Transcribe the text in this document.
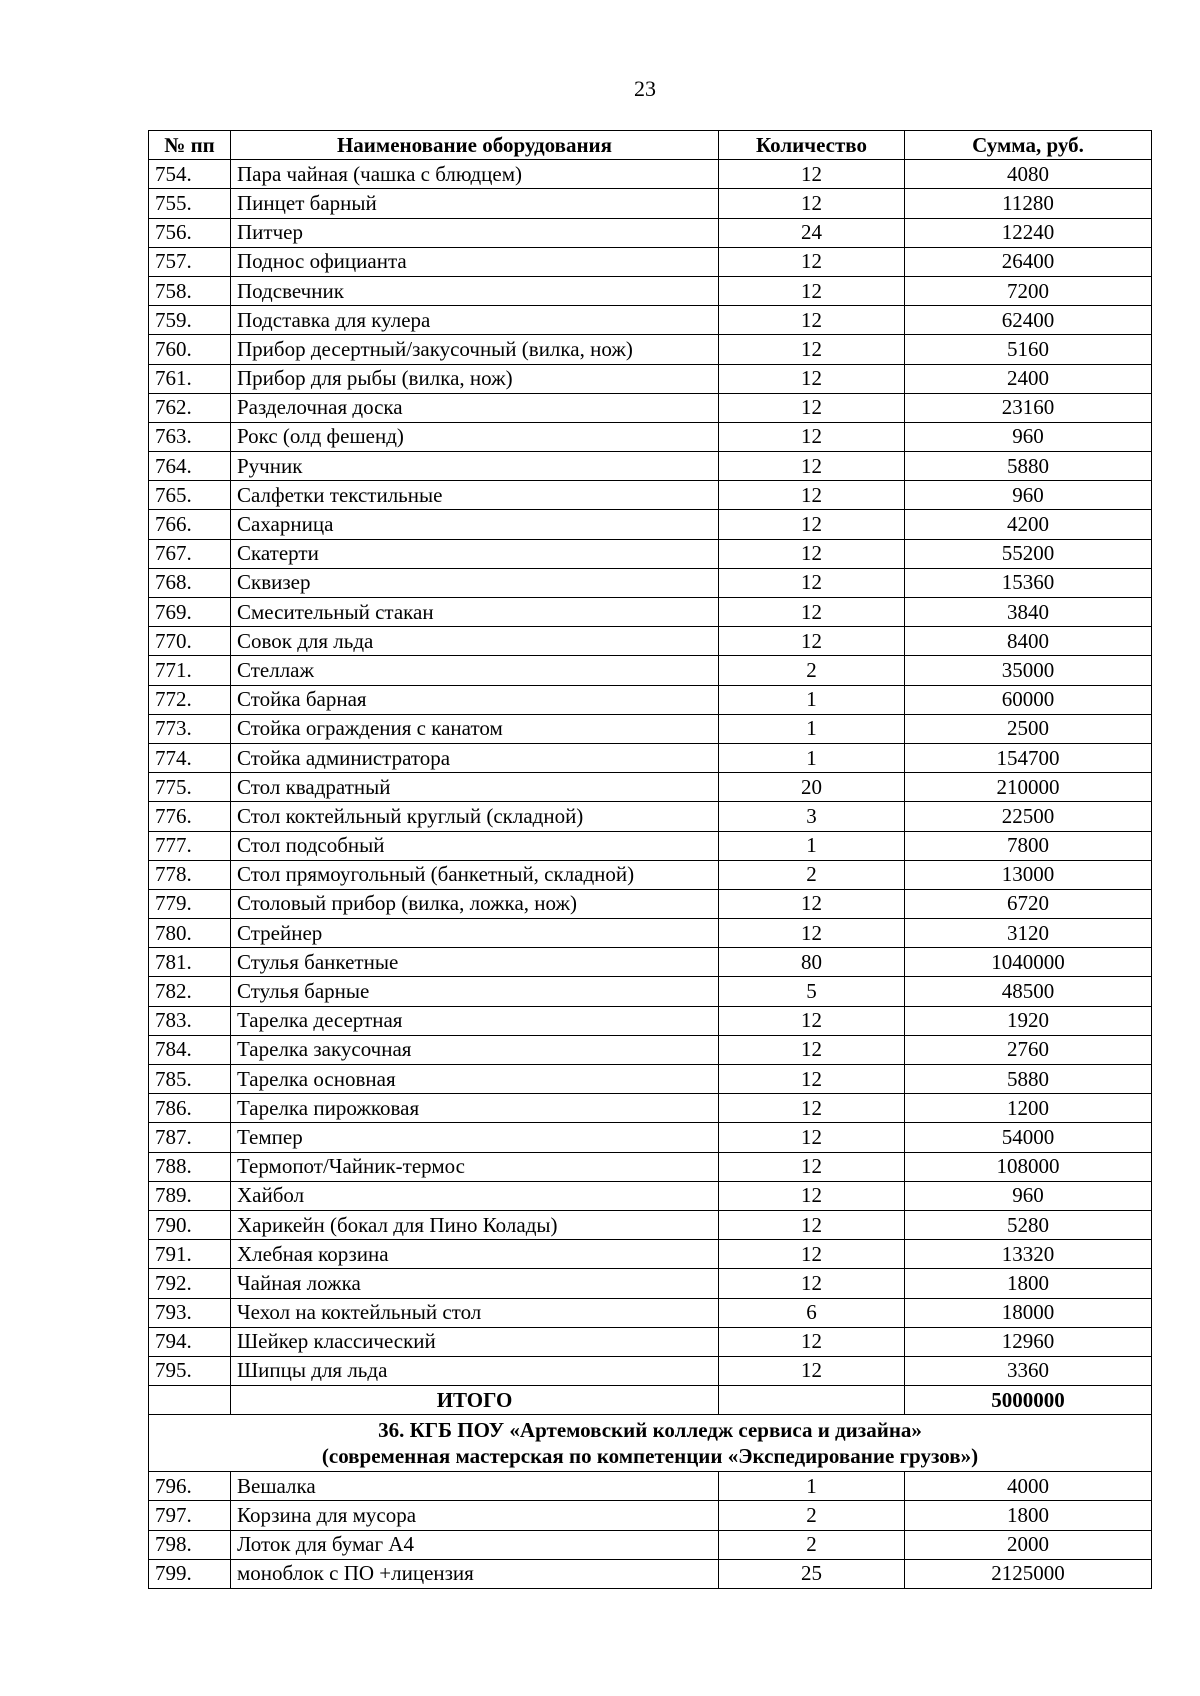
23
№ пп	Наименование оборудования	Количество	Сумма, руб.
754.	Пара чайная (чашка с блюдцем)	12	4080
755.	Пинцет барный	12	11280
756.	Питчер	24	12240
757.	Поднос официанта	12	26400
758.	Подсвечник	12	7200
759.	Подставка для кулера	12	62400
760.	Прибор десертный/закусочный (вилка, нож)	12	5160
761.	Прибор для рыбы (вилка, нож)	12	2400
762.	Разделочная доска	12	23160
763.	Рокс (олд фешенд)	12	960
764.	Ручник	12	5880
765.	Салфетки текстильные	12	960
766.	Сахарница	12	4200
767.	Скатерти	12	55200
768.	Сквизер	12	15360
769.	Смесительный стакан	12	3840
770.	Совок для льда	12	8400
771.	Стеллаж	2	35000
772.	Стойка барная	1	60000
773.	Стойка ограждения с канатом	1	2500
774.	Стойка администратора	1	154700
775.	Стол квадратный	20	210000
776.	Стол коктейльный круглый (складной)	3	22500
777.	Стол подсобный	1	7800
778.	Стол прямоугольный (банкетный, складной)	2	13000
779.	Столовый прибор (вилка, ложка, нож)	12	6720
780.	Стрейнер	12	3120
781.	Стулья банкетные	80	1040000
782.	Стулья барные	5	48500
783.	Тарелка десертная	12	1920
784.	Тарелка закусочная	12	2760
785.	Тарелка основная	12	5880
786.	Тарелка пирожковая	12	1200
787.	Темпер	12	54000
788.	Термопот/Чайник-термос	12	108000
789.	Хайбол	12	960
790.	Харикейн (бокал для Пино Колады)	12	5280
791.	Хлебная корзина	12	13320
792.	Чайная ложка	12	1800
793.	Чехол на коктейльный стол	6	18000
794.	Шейкер классический	12	12960
795.	Шипцы для льда	12	3360
	ИТОГО		5000000
36. КГБ ПОУ «Артемовский колледж сервиса и дизайна»
(современная мастерская по компетенции «Экспедирование грузов»)			
796.	Вешалка	1	4000
797.	Корзина для мусора	2	1800
798.	Лоток для бумаг А4	2	2000
799.	моноблок с ПО +лицензия	25	2125000
